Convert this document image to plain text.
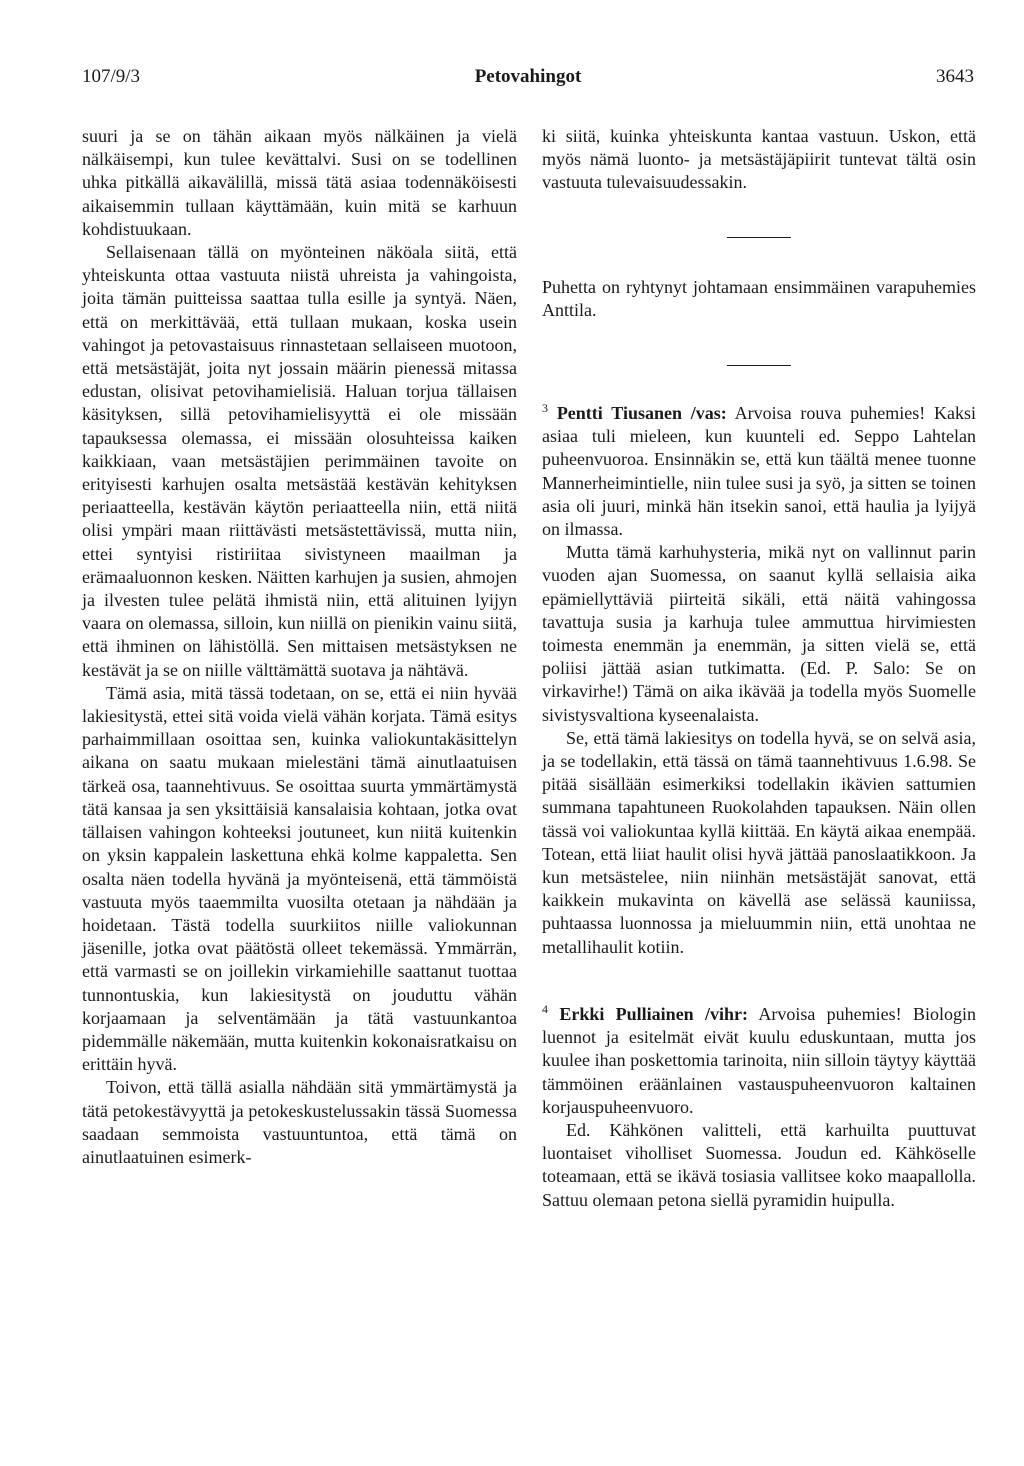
107/9/3	Petovahingot	3643

suuri ja se on tähän aikaan myös nälkäinen ja vielä nälkäisempi, kun tulee kevättalvi. Susi on se todellinen uhka pitkällä aikavälillä, missä tätä asiaa todennäköisesti aikaisemmin tullaan käyttämään, kuin mitä se karhuun kohdistuukaan.

Sellaisenaan tällä on myönteinen näköala siitä, että yhteiskunta ottaa vastuuta niistä uhreista ja vahingoista, joita tämän puitteissa saattaa tulla esille ja syntyä. Näen, että on merkittävää, että tullaan mukaan, koska usein vahingot ja petovastaisuus rinnastetaan sellaiseen muotoon, että metsästäjät, joita nyt jossain määrin pienessä mitassa edustan, olisivat petovihamielisiä. Haluan torjua tällaisen käsityksen, sillä petovihamielisyyttä ei ole missään tapauksessa olemassa, ei missään olosuhteissa kaiken kaikkiaan, vaan metsästäjien perimmäinen tavoite on erityisesti karhujen osalta metsästää kestävän kehityksen periaatteella, kestävän käytön periaatteella niin, että niitä olisi ympäri maan riittävästi metsästettävissä, mutta niin, ettei syntyisi ristiriitaa sivistyneen maailman ja erämaaluonnon kesken. Näitten karhujen ja susien, ahmojen ja ilvesten tulee pelätä ihmistä niin, että alituinen lyijyn vaara on olemassa, silloin, kun niillä on pienikin vainu siitä, että ihminen on lähistöllä. Sen mittaisen metsästyksen ne kestävät ja se on niille välttämättä suotava ja nähtävä.

Tämä asia, mitä tässä todetaan, on se, että ei niin hyvää lakiesitystä, ettei sitä voida vielä vähän korjata. Tämä esitys parhaimmillaan osoittaa sen, kuinka valiokuntakäsittelyn aikana on saatu mukaan mielestäni tämä ainutlaatuisen tärkeä osa, taannehtivuus. Se osoittaa suurta ymmärtämystä tätä kansaa ja sen yksittäisiä kansalaisia kohtaan, jotka ovat tällaisen vahingon kohteeksi joutuneet, kun niitä kuitenkin on yksin kappalein laskettuna ehkä kolme kappaletta. Sen osalta näen todella hyvänä ja myönteisenä, että tämmöistä vastuuta myös taaemmilta vuosilta otetaan ja nähdään ja hoidetaan. Tästä todella suurkiitos niille valiokunnan jäsenille, jotka ovat päätöstä olleet tekemässä. Ymmärrän, että varmasti se on joillekin virkamiehille saattanut tuottaa tunnontuskia, kun lakiesitystä on jouduttu vähän korjaamaan ja selventämään ja tätä vastuunkantoa pidemmälle näkemään, mutta kuitenkin kokonaisratkaisu on erittäin hyvä.

Toivon, että tällä asialla nähdään sitä ymmärtämystä ja tätä petokestävyyttä ja petokeskustelussakin tässä Suomessa saadaan semmoista vastuuntuntoa, että tämä on ainutlaatuinen esimerk-

ki siitä, kuinka yhteiskunta kantaa vastuun. Uskon, että myös nämä luonto- ja metsästäjäpiirit tuntevat tältä osin vastuuta tulevaisuudessakin.

Puhetta on ryhtynyt johtamaan ensimmäinen varapuhemies Anttila.

$^3$ Pentti Tiusanen /vas: Arvoisa rouva puhemies! Kaksi asiaa tuli mieleen, kun kuunteli ed. Seppo Lahtelan puheenvuoroa. Ensinnäkin se, että kun täältä menee tuonne Mannerheimintielle, niin tulee susi ja syö, ja sitten se toinen asia oli juuri, minkä hän itsekin sanoi, että haulia ja lyijyä on ilmassa.

Mutta tämä karhuhysteria, mikä nyt on vallinnut parin vuoden ajan Suomessa, on saanut kyllä sellaisia aika epämiellyttäviä piirteitä sikäli, että näitä vahingossa tavattuja susia ja karhuja tulee ammuttua hirvimiesten toimesta enemmän ja enemmän, ja sitten vielä se, että poliisi jättää asian tutkimatta. (Ed. P. Salo: Se on virkavirhe!) Tämä on aika ikävää ja todella myös Suomelle sivistysvaltiona kyseenalaista.

Se, että tämä lakiesitys on todella hyvä, se on selvä asia, ja se todellakin, että tässä on tämä taannehtivuus 1.6.98. Se pitää sisällään esimerkiksi todellakin ikävien sattumien summana tapahtuneen Ruokolahden tapauksen. Näin ollen tässä voi valiokuntaa kyllä kiittää. En käytä aikaa enempää. Totean, että liiat haulit olisi hyvä jättää panoslaatikkoon. Ja kun metsästelee, niin niinhän metsästäjät sanovat, että kaikkein mukavinta on kävellä ase selässä kauniissa, puhtaassa luonnossa ja mieluummin niin, että unohtaa ne metallihaulit kotiin.

$^4$ Erkki Pulliainen /vihr: Arvoisa puhemies! Biologin luennot ja esitelmät eivät kuulu eduskuntaan, mutta jos kuulee ihan poskettomia tarinoita, niin silloin täytyy käyttää tämmöinen eräänlainen vastauspuheenvuoron kaltainen korjauspuheenvuoro.

Ed. Kähkönen valitteli, että karhuilta puuttuvat luontaiset viholliset Suomessa. Joudun ed. Kähköselle toteamaan, että se ikävä tosiasia vallitsee koko maapallolla. Sattuu olemaan petona siellä pyramidin huipulla.
